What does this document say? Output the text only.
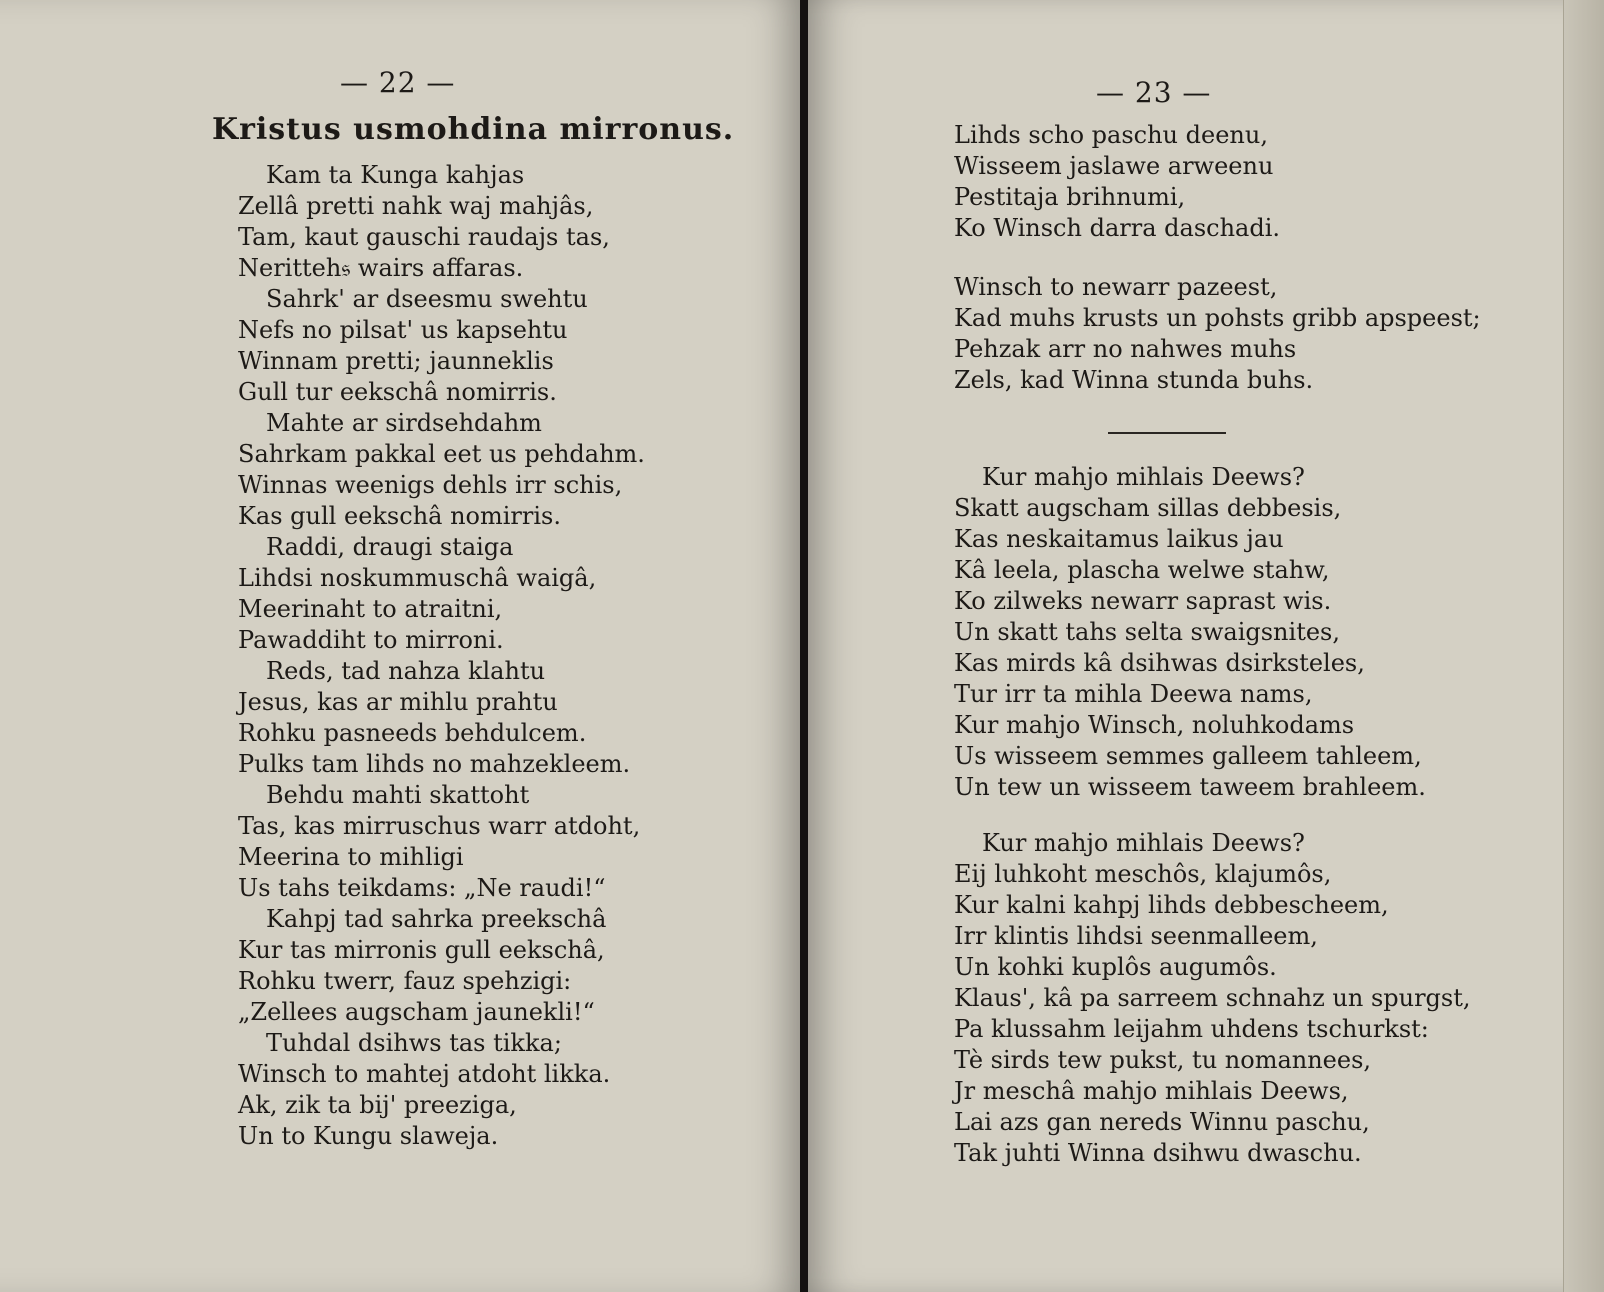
— 22 —
Kristus usmohdina mirronus.
Kam ta Kunga kahjas
Zellâ pretti nahk waj mahjâs,
Tam, kaut gauschi raudajs tas,
Neritteh𝔰 wairs affaras.
Sahrk' ar dseesmu swehtu
Nefs no pilsat' us kapsehtu
Winnam pretti; jaunneklis
Gull tur eekschâ nomirris.
Mahte ar sirdsehdahm
Sahrkam pakkal eet us pehdahm.
Winnas weenigs dehls irr schis,
Kas gull eekschâ nomirris.
Raddi, draugi staiga
Lihdsi noskummuschâ waigâ,
Meerinaht to atraitni,
Pawaddiht to mirroni.
Reds, tad nahza klahtu
Jesus, kas ar mihlu prahtu
Rohku pasneeds behdulcem.
Pulks tam lihds no mahzekleem.
Behdu mahti skattoht
Tas, kas mirruschus warr atdoht,
Meerina to mihligi
Us tahs teikdams: „Ne raudi!“
Kahpj tad sahrka preekschâ
Kur tas mirronis gull eekschâ,
Rohku twerr, fauz spehzigi:
„Zellees augscham jaunekli!“
Tuhdal dsihws tas tikka;
Winsch to mahtej atdoht likka.
Ak, zik ta bij' preeziga,
Un to Kungu slaweja.
— 23 —
Lihds scho paschu deenu,
Wisseem jaslawe arweenu
Pestitaja brihnumi,
Ko Winsch darra daschadi.
Winsch to newarr pazeest,
Kad muhs krusts un pohsts gribb apspeest;
Pehzak arr no nahwes muhs
Zels, kad Winna stunda buhs.
Kur mahjo mihlais Deews?
Skatt augscham sillas debbesis,
Kas neskaitamus laikus jau
Kâ leela, plascha welwe stahw,
Ko zilweks newarr saprast wis.
Un skatt tahs selta swaigsnites,
Kas mirds kâ dsihwas dsirksteles,
Tur irr ta mihla Deewa nams,
Kur mahjo Winsch, noluhkodams
Us wisseem semmes galleem tahleem,
Un tew un wisseem taweem brahleem.
Kur mahjo mihlais Deews?
Eij luhkoht meschôs, klajumôs,
Kur kalni kahpj lihds debbescheem,
Irr klintis lihdsi seenmalleem,
Un kohki kuplôs augumôs.
Klaus', kâ pa sarreem schnahz un spurgst,
Pa klussahm leijahm uhdens tschurkst:
Tè sirds tew pukst, tu nomannees,
Jr meschâ mahjo mihlais Deews,
Lai azs gan nereds Winnu paschu,
Tak juhti Winna dsihwu dwaschu.
